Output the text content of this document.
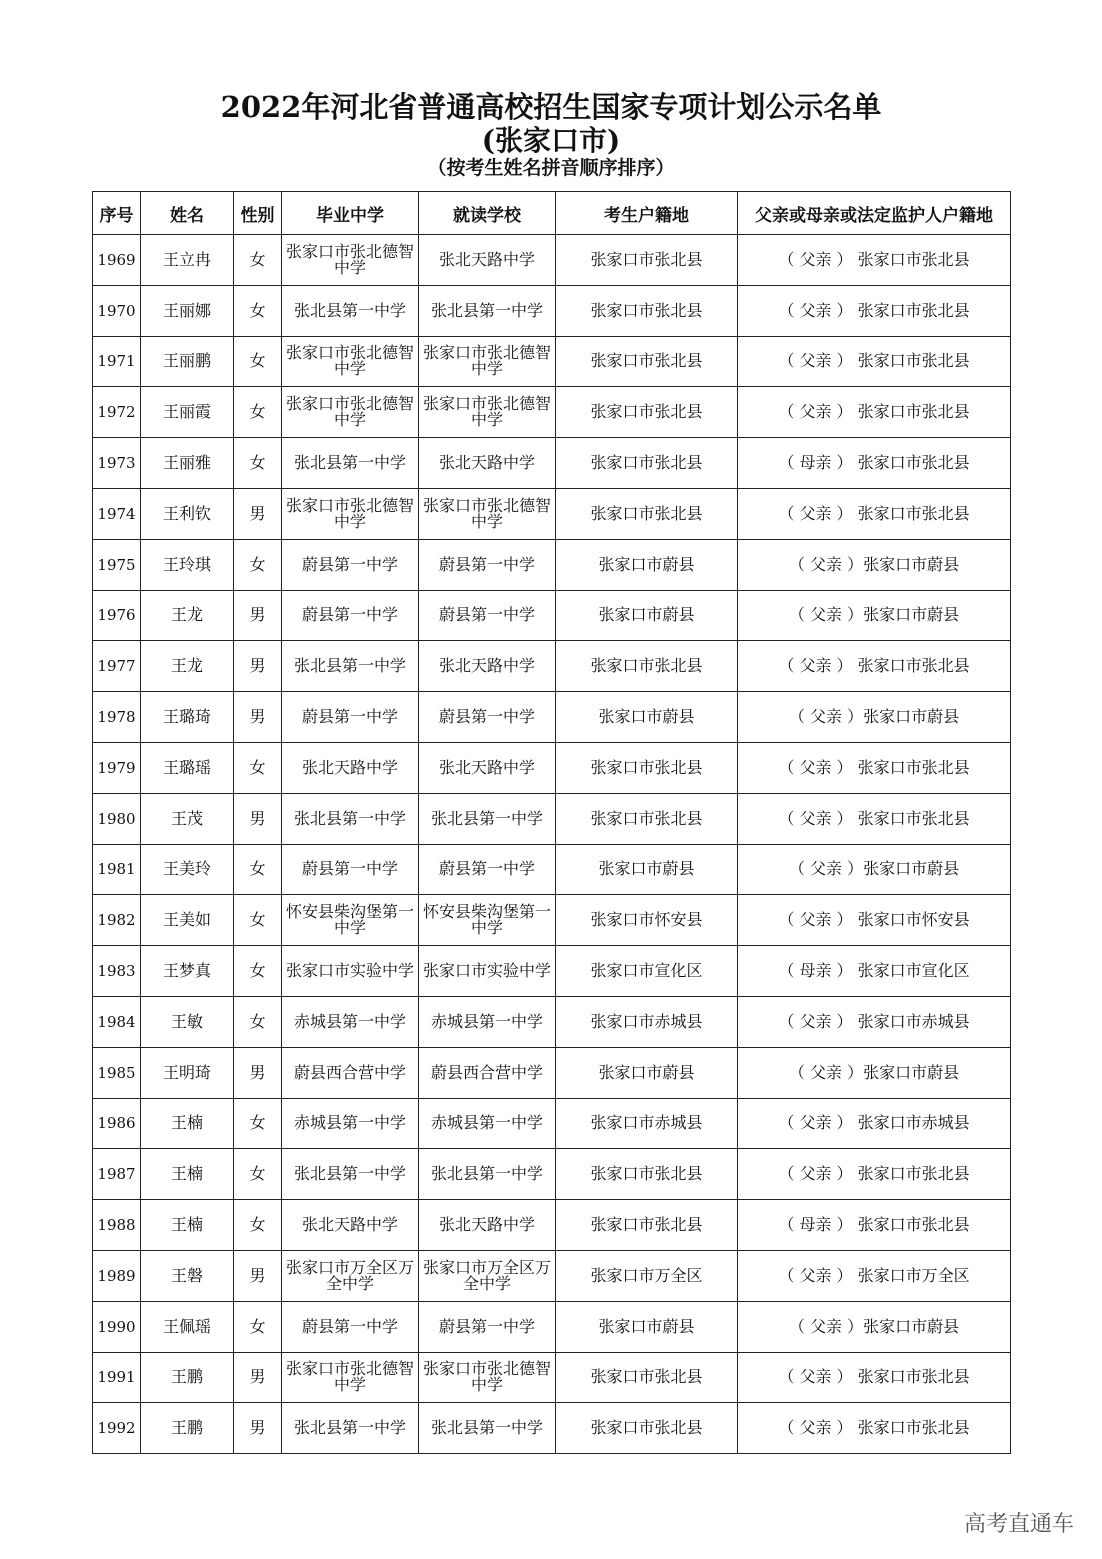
2022年河北省普通高校招生国家专项计划公示名单
(张家口市)
（按考生姓名拼音顺序排序）
序号	姓名	性别	毕业中学	就读学校	考生户籍地	父亲或母亲或法定监护人户籍地
1969	王立冉	女	张家口市张北德智中学	张北天路中学	张家口市张北县	（ 父亲 ） 张家口市张北县
1970	王丽娜	女	张北县第一中学	张北县第一中学	张家口市张北县	（ 父亲 ） 张家口市张北县
1971	王丽鹏	女	张家口市张北德智中学	张家口市张北德智中学	张家口市张北县	（ 父亲 ） 张家口市张北县
1972	王丽霞	女	张家口市张北德智中学	张家口市张北德智中学	张家口市张北县	（ 父亲 ） 张家口市张北县
1973	王丽雅	女	张北县第一中学	张北天路中学	张家口市张北县	（ 母亲 ） 张家口市张北县
1974	王利钦	男	张家口市张北德智中学	张家口市张北德智中学	张家口市张北县	（ 父亲 ） 张家口市张北县
1975	王玲琪	女	蔚县第一中学	蔚县第一中学	张家口市蔚县	（ 父亲 ）张家口市蔚县
1976	王龙	男	蔚县第一中学	蔚县第一中学	张家口市蔚县	（ 父亲 ）张家口市蔚县
1977	王龙	男	张北县第一中学	张北天路中学	张家口市张北县	（ 父亲 ） 张家口市张北县
1978	王璐琦	男	蔚县第一中学	蔚县第一中学	张家口市蔚县	（ 父亲 ）张家口市蔚县
1979	王璐瑶	女	张北天路中学	张北天路中学	张家口市张北县	（ 父亲 ） 张家口市张北县
1980	王茂	男	张北县第一中学	张北县第一中学	张家口市张北县	（ 父亲 ） 张家口市张北县
1981	王美玲	女	蔚县第一中学	蔚县第一中学	张家口市蔚县	（ 父亲 ）张家口市蔚县
1982	王美如	女	怀安县柴沟堡第一中学	怀安县柴沟堡第一中学	张家口市怀安县	（ 父亲 ） 张家口市怀安县
1983	王梦真	女	张家口市实验中学	张家口市实验中学	张家口市宣化区	（ 母亲 ） 张家口市宣化区
1984	王敏	女	赤城县第一中学	赤城县第一中学	张家口市赤城县	（ 父亲 ） 张家口市赤城县
1985	王明琦	男	蔚县西合营中学	蔚县西合营中学	张家口市蔚县	（ 父亲 ）张家口市蔚县
1986	王楠	女	赤城县第一中学	赤城县第一中学	张家口市赤城县	（ 父亲 ） 张家口市赤城县
1987	王楠	女	张北县第一中学	张北县第一中学	张家口市张北县	（ 父亲 ） 张家口市张北县
1988	王楠	女	张北天路中学	张北天路中学	张家口市张北县	（ 母亲 ） 张家口市张北县
1989	王磐	男	张家口市万全区万全中学	张家口市万全区万全中学	张家口市万全区	（ 父亲 ） 张家口市万全区
1990	王佩瑶	女	蔚县第一中学	蔚县第一中学	张家口市蔚县	（ 父亲 ）张家口市蔚县
1991	王鹏	男	张家口市张北德智中学	张家口市张北德智中学	张家口市张北县	（ 父亲 ） 张家口市张北县
1992	王鹏	男	张北县第一中学	张北县第一中学	张家口市张北县	（ 父亲 ） 张家口市张北县
高考直通车
